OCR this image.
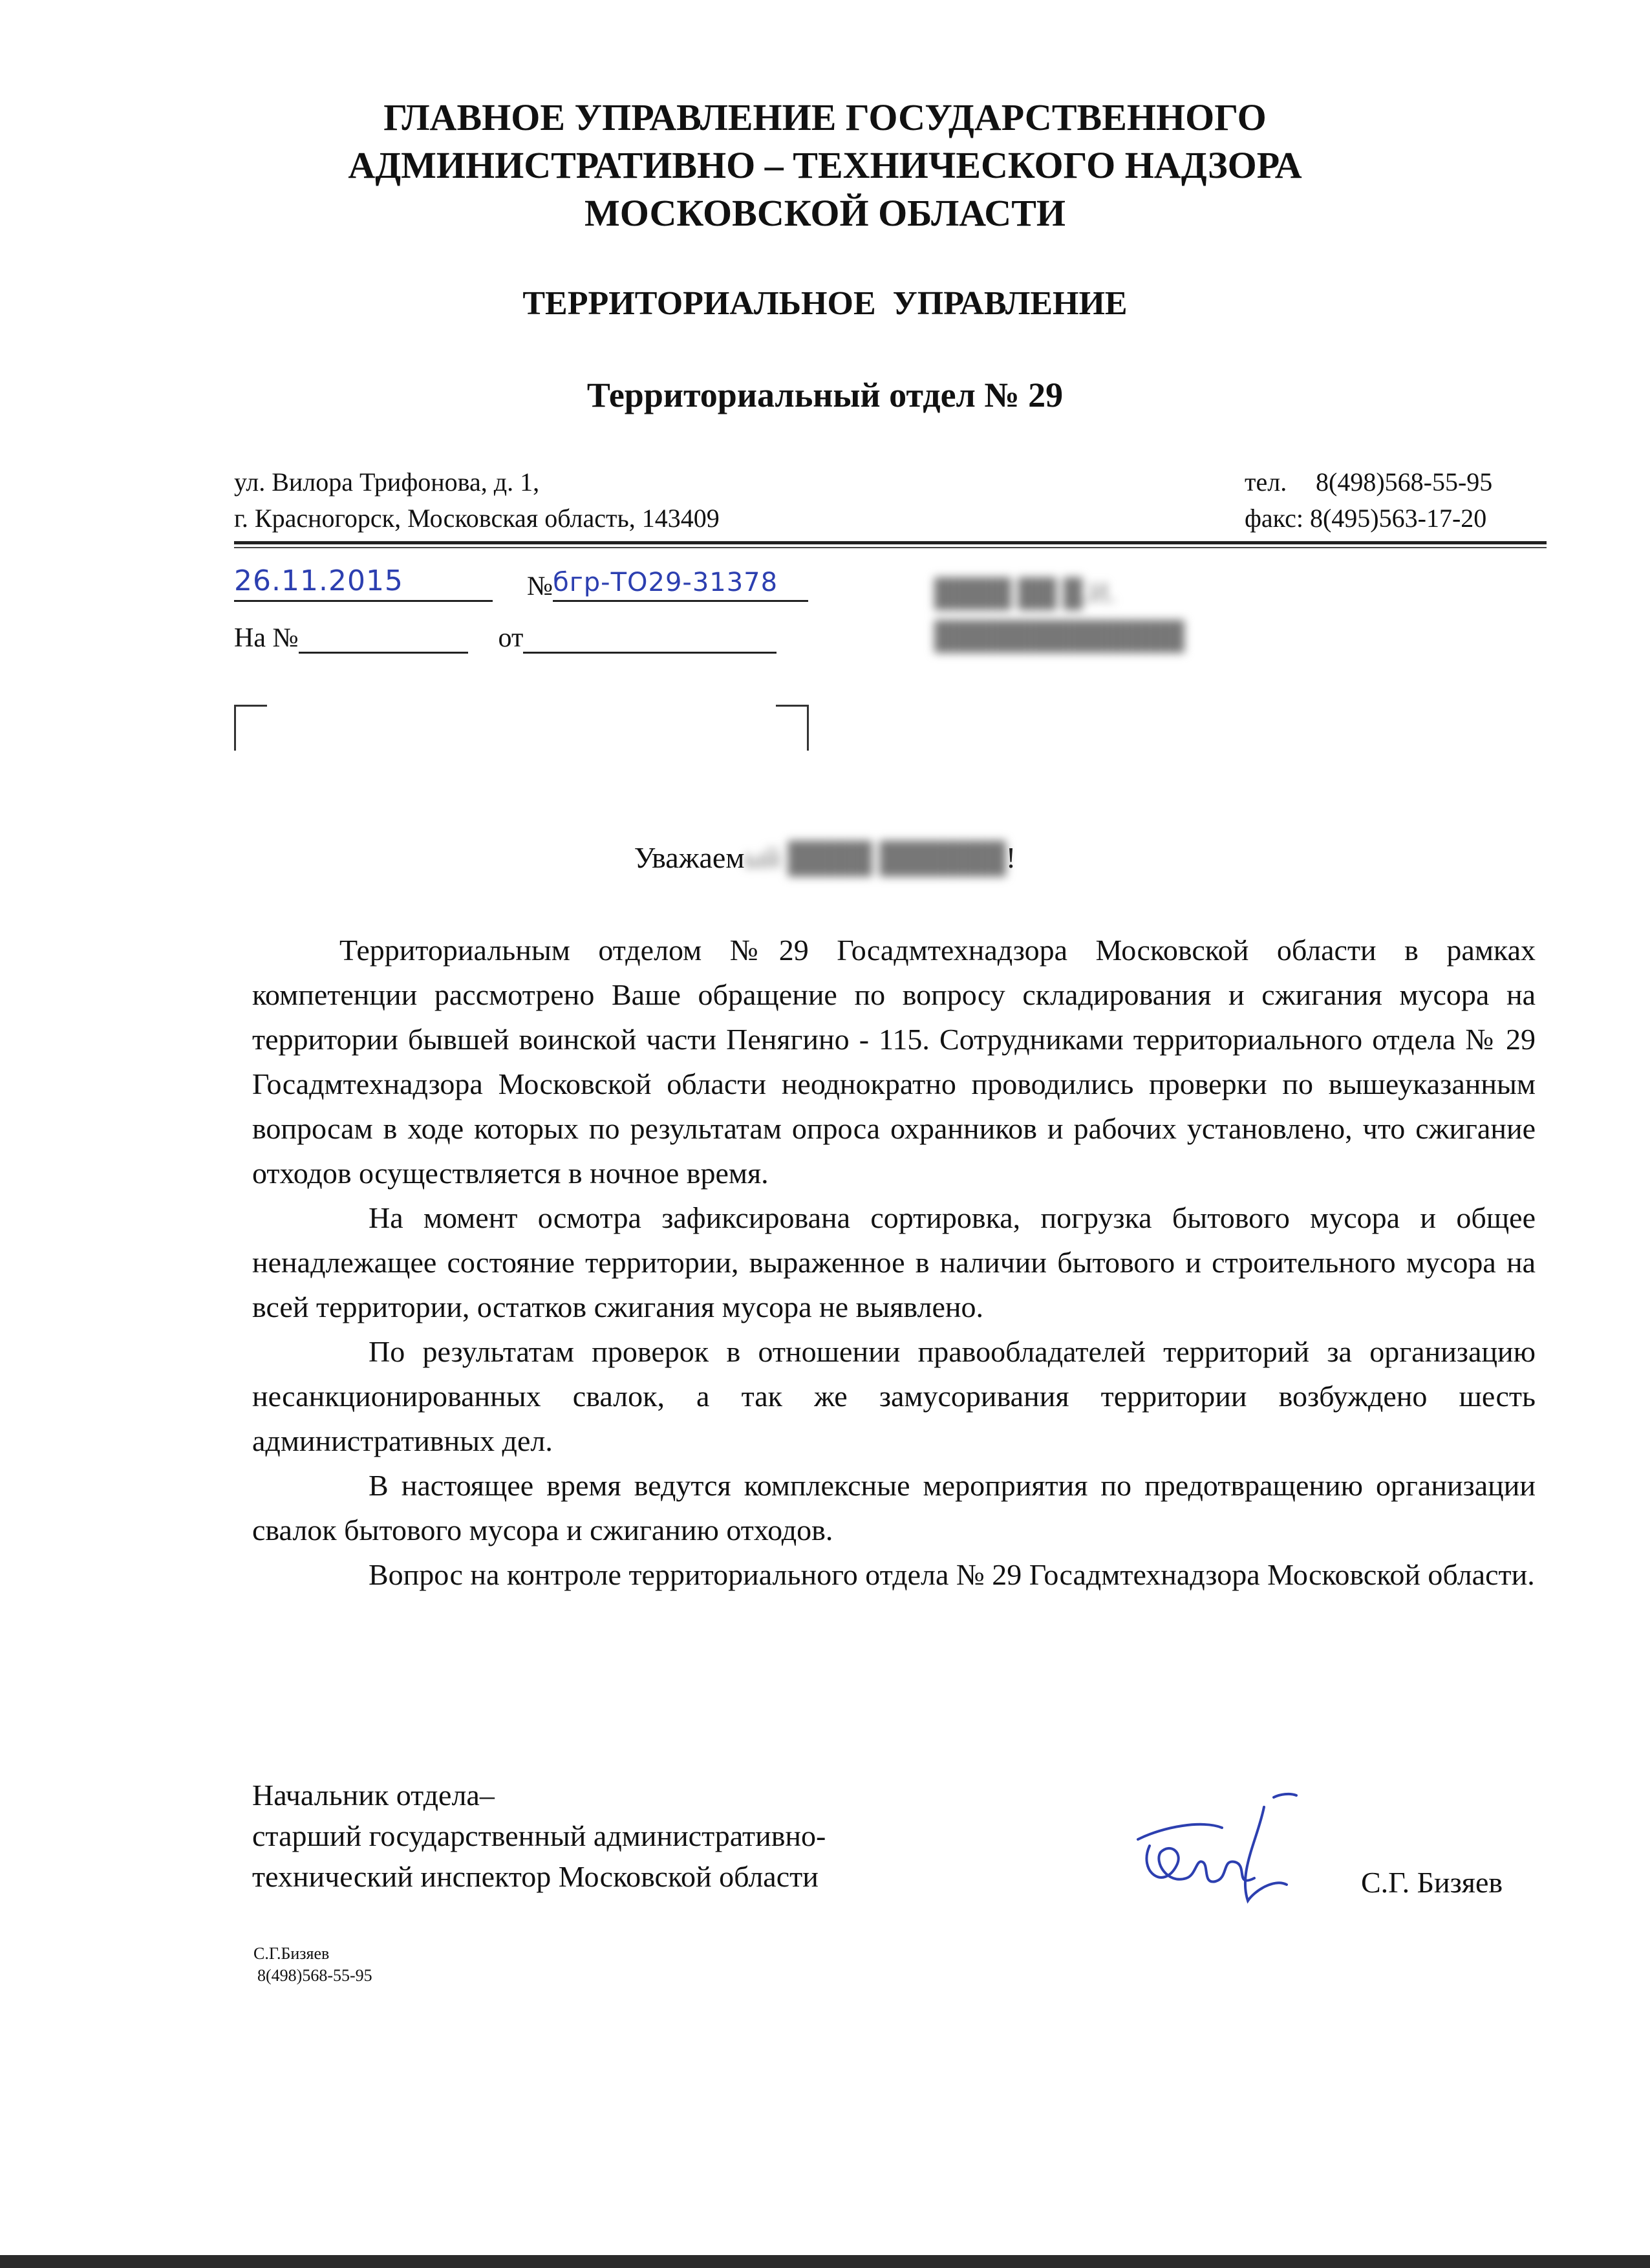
ГЛАВНОЕ УПРАВЛЕНИЕ ГОСУДАРСТВЕННОГО
АДМИНИСТРАТИВНО – ТЕХНИЧЕСКОГО НАДЗОРА
МОСКОВСКОЙ ОБЛАСТИ
ТЕРРИТОРИАЛЬНОЕ  УПРАВЛЕНИЕ
Территориальный отдел № 29
ул. Вилора Трифонова, д. 1,
г. Красногорск, Московская область, 143409
тел.	8(498)568-55-95
факс: 8(495)563-17-20
26.11.2015	№ бгр-ТО29-31378
На №	от
████ ██ █.И.
█████████████
Уважаемый ████ ██████!

Территориальным отделом №29 Госадмтехнадзора Московской области в рамках компетенции рассмотрено Ваше обращение по вопросу складирования и сжигания мусора на территории бывшей воинской части Пенягино - 115. Сотрудниками территориального отдела № 29 Госадмтехнадзора Московской области неоднократно проводились проверки по вышеуказанным вопросам в ходе которых по результатам опроса охранников и рабочих установлено, что сжигание отходов осуществляется в ночное время.

На момент осмотра зафиксирована сортировка, погрузка бытового мусора и общее ненадлежащее состояние территории, выраженное в наличии бытового и строительного мусора на всей территории, остатков сжигания мусора не выявлено.

По результатам проверок в отношении правообладателей территорий за организацию несанкционированных свалок, а так же замусоривания территории возбуждено шесть административных дел.

В настоящее время ведутся комплексные мероприятия по предотвращению организации свалок бытового мусора и сжиганию отходов.

Вопрос на контроле территориального отдела № 29 Госадмтехнадзора Московской области.

Начальник отдела–
старший государственный административно-
технический инспектор Московской области	С.Г. Бизяев
С.Г.Бизяев
8(498)568-55-95
